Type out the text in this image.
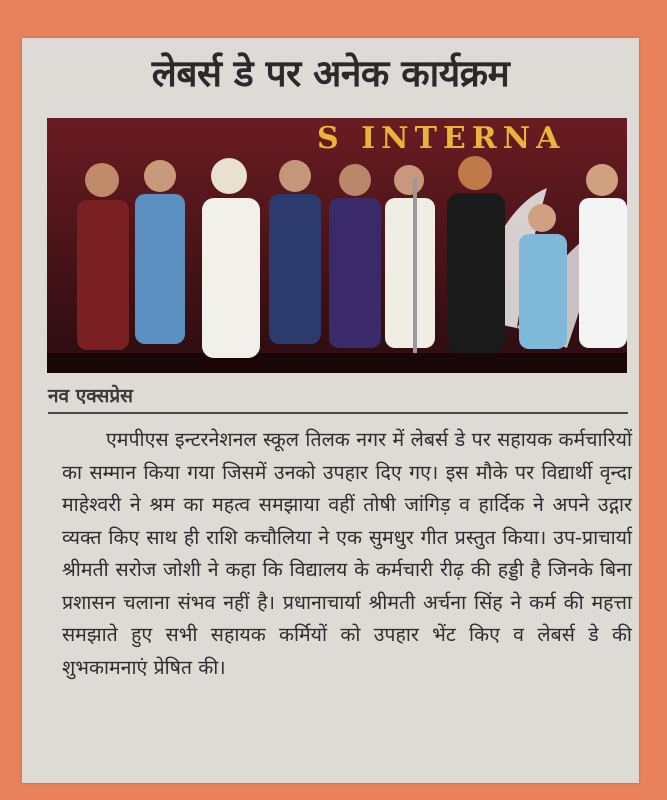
लेबर्स डे पर अनेक कार्यक्रम
S INTERNA
नव एक्सप्रेस

एमपीएस इन्टरनेशनल स्कूल तिलक नगर में लेबर्स डे पर सहायक कर्मचारियों का सम्मान किया गया जिसमें उनको उपहार दिए गए। इस मौके पर विद्यार्थी वृन्दा माहेश्वरी ने श्रम का महत्व समझाया वहीं तोषी जांगिड़ व हार्दिक ने अपने उद्गार व्यक्त किए साथ ही राशि कचौलिया ने एक सुमधुर गीत प्रस्तुत किया। उप-प्राचार्या श्रीमती सरोज जोशी ने कहा कि विद्यालय के कर्मचारी रीढ़ की हड्डी है जिनके बिना प्रशासन चलाना संभव नहीं है। प्रधानाचार्या श्रीमती अर्चना सिंह ने कर्म की महत्ता समझाते हुए सभी सहायक कर्मियों को उपहार भेंट किए व लेबर्स डे की शुभकामनाएं प्रेषित की।
